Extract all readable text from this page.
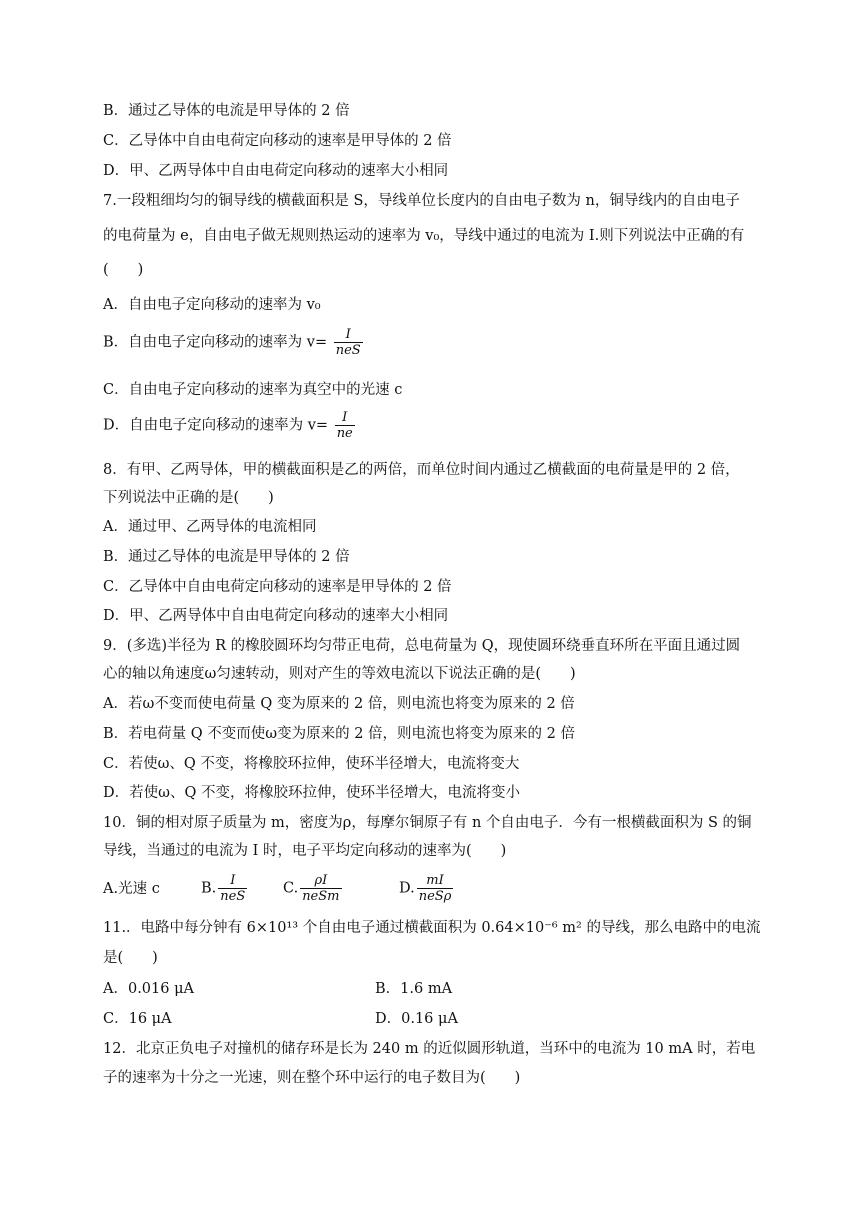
B．通过乙导体的电流是甲导体的 2 倍
C．乙导体中自由电荷定向移动的速率是甲导体的 2 倍
D．甲、乙两导体中自由电荷定向移动的速率大小相同
7.一段粗细均匀的铜导线的横截面积是 S，导线单位长度内的自由电子数为 n，铜导线内的自由电子
的电荷量为 e，自由电子做无规则热运动的速率为 v₀，导线中通过的电流为 I.则下列说法中正确的有
(　　)
A．自由电子定向移动的速率为 v₀
B．自由电子定向移动的速率为 $v= \frac{I}{\text{neS}}$
C．自由电子定向移动的速率为真空中的光速 c
D．自由电子定向移动的速率为 $v= \frac{I}{ne}$
8．有甲、乙两导体，甲的横截面积是乙的两倍，而单位时间内通过乙横截面的电荷量是甲的 2 倍，
下列说法中正确的是(　　)
A．通过甲、乙两导体的电流相同
B．通过乙导体的电流是甲导体的 2 倍
C．乙导体中自由电荷定向移动的速率是甲导体的 2 倍
D．甲、乙两导体中自由电荷定向移动的速率大小相同
9．(多选)半径为 R 的橡胶圆环均匀带正电荷，总电荷量为 Q，现使圆环绕垂直环所在平面且通过圆
心的轴以角速度ω匀速转动，则对产生的等效电流以下说法正确的是(　　)
A．若ω不变而使电荷量 Q 变为原来的 2 倍，则电流也将变为原来的 2 倍
B．若电荷量 Q 不变而使ω变为原来的 2 倍，则电流也将变为原来的 2 倍
C．若使ω、Q 不变，将橡胶环拉伸，使环半径增大，电流将变大
D．若使ω、Q 不变，将橡胶环拉伸，使环半径增大，电流将变小
10．铜的相对原子质量为 m，密度为ρ，每摩尔铜原子有 n 个自由电子．今有一根横截面积为 S 的铜
导线，当通过的电流为 I 时，电子平均定向移动的速率为(　　)
A.光速 c	B. $\frac{I}{\text{neS}} C$. $\frac{\rho I}{\text{neSm}}$	D. $\frac{mI}{\text{neSρ}}$
11.．电路中每分钟有 6×10¹³ 个自由电子通过横截面积为 0.64×10⁻⁶ m² 的导线，那么电路中的电流
是(　　)
A．0.016 μA	B．1.6 mA
C．16 μA	D．0.16 μA
12．北京正负电子对撞机的储存环是长为 240 m 的近似圆形轨道，当环中的电流为 10 mA 时，若电
子的速率为十分之一光速，则在整个环中运行的电子数目为(　　)
